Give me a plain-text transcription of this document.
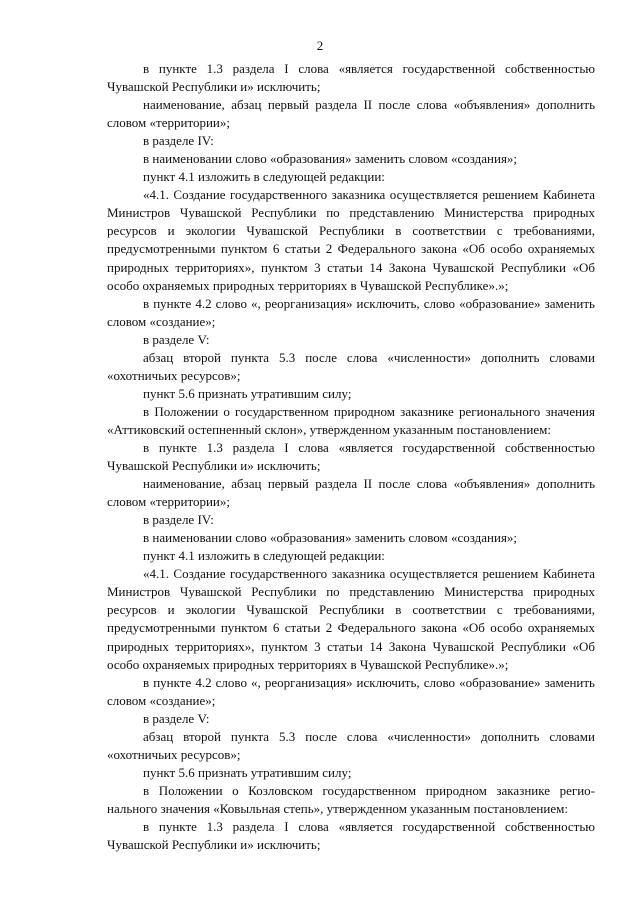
2

в пункте 1.3 раздела I слова «является государственной собственностью Чувашской Республики и» исключить;

наименование, абзац первый раздела II после слова «объявления» дополнить словом «территории»;

в разделе IV:

в наименовании слово «образования» заменить словом «создания»;

пункт 4.1 изложить в следующей редакции:

«4.1. Создание государственного заказника осуществляется решением Кабинета Министров Чувашской Республики по представлению Министерства природных ресурсов и экологии Чувашской Республики в соответствии с требованиями, предусмотренными пунктом 6 статьи 2 Федерального закона «Об особо охраняемых природных территориях», пунктом 3 статьи 14 Закона Чувашской Республики «Об особо охраняемых природных территориях в Чувашской Республике».»;

в пункте 4.2 слово «, реорганизация» исключить, слово «образование» заменить словом «создание»;

в разделе V:

абзац второй пункта 5.3 после слова «численности» дополнить словами «охотничьих ресурсов»;

пункт 5.6 признать утратившим силу;

в Положении о государственном природном заказнике регионального значения «Аттиковский остепненный склон», утвержденном указанным постановлением:

в пункте 1.3 раздела I слова «является государственной собственностью Чувашской Республики и» исключить;

наименование, абзац первый раздела II после слова «объявления» дополнить словом «территории»;

в разделе IV:

в наименовании слово «образования» заменить словом «создания»;

пункт 4.1 изложить в следующей редакции:

«4.1. Создание государственного заказника осуществляется решением Кабинета Министров Чувашской Республики по представлению Министерства природных ресурсов и экологии Чувашской Республики в соответствии с требованиями, предусмотренными пунктом 6 статьи 2 Федерального закона «Об особо охраняемых природных территориях», пунктом 3 статьи 14 Закона Чувашской Республики «Об особо охраняемых природных территориях в Чувашской Республике».»;

в пункте 4.2 слово «, реорганизация» исключить, слово «образование» заменить словом «создание»;

в разделе V:

абзац второй пункта 5.3 после слова «численности» дополнить словами «охотничьих ресурсов»;

пункт 5.6 признать утратившим силу;

в Положении о Козловском государственном природном заказнике регионального значения «Ковыльная степь», утвержденном указанным постановлением:

в пункте 1.3 раздела I слова «является государственной собственностью Чувашской Республики и» исключить;
